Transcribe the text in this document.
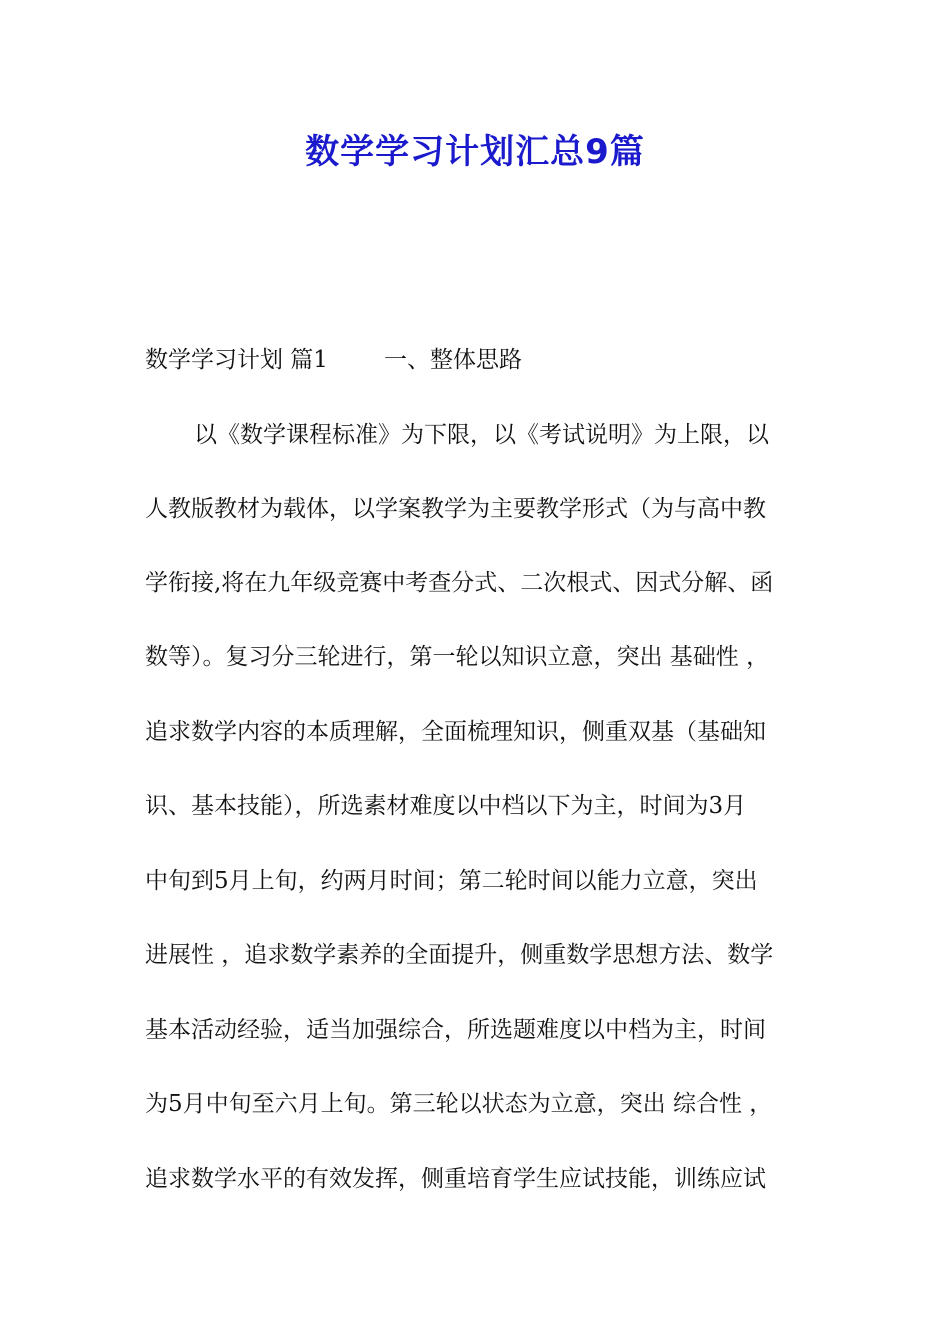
数学学习计划汇总9篇
数学学习计划 篇1 一、整体思路
以《数学课程标准》为下限，以《考试说明》为上限，以
人教版教材为载体，以学案教学为主要教学形式（为与高中教
学衔接,将在九年级竞赛中考查分式、二次根式、因式分解、函
数等）。复习分三轮进行，第一轮以知识立意，突出 基础性 ，
追求数学内容的本质理解，全面梳理知识，侧重双基（基础知
识、基本技能），所选素材难度以中档以下为主，时间为3月
中旬到5月上旬，约两月时间；第二轮时间以能力立意，突出
进展性 ，追求数学素养的全面提升，侧重数学思想方法、数学
基本活动经验，适当加强综合，所选题难度以中档为主，时间
为5月中旬至六月上旬。第三轮以状态为立意，突出 综合性 ，
追求数学水平的有效发挥，侧重培育学生应试技能，训练应试
